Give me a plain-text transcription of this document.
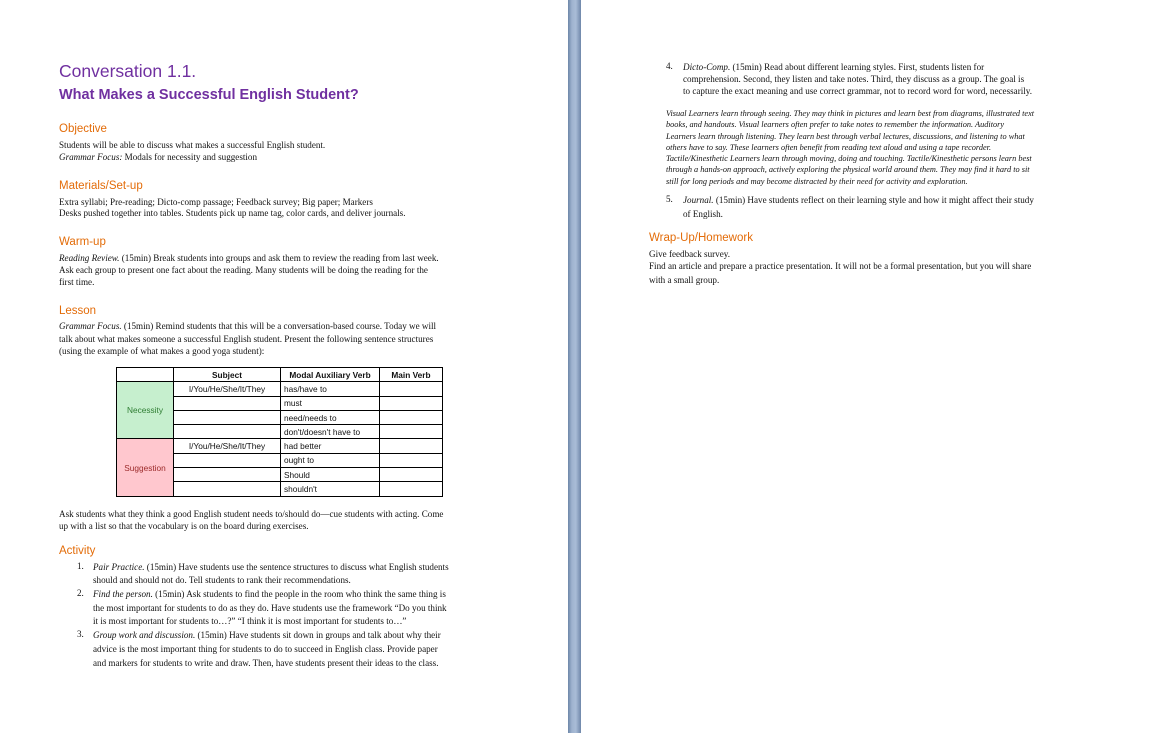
Conversation 1.1.
What Makes a Successful English Student?
Objective
Students will be able to discuss what makes a successful English student.
Grammar Focus: Modals for necessity and suggestion
Materials/Set-up
Extra syllabi; Pre-reading; Dicto-comp passage; Feedback survey; Big paper; Markers
Desks pushed together into tables. Students pick up name tag, color cards, and deliver journals.
Warm-up
Reading Review. (15min) Break students into groups and ask them to review the reading from last week.
Ask each group to present one fact about the reading. Many students will be doing the reading for the
first time.
Lesson
Grammar Focus. (15min) Remind students that this will be a conversation-based course. Today we will
talk about what makes someone a successful English student. Present the following sentence structures
(using the example of what makes a good yoga student):
	Subject	Modal Auxiliary Verb	Main Verb
Necessity	I/You/He/She/It/They	has/have to	
		must	
		need/needs to	
		don't/doesn't have to	
Suggestion	I/You/He/She/It/They	had better	
		ought to	
		Should	
		shouldn't	
Ask students what they think a good English student needs to/should do—cue students with acting. Come
up with a list so that the vocabulary is on the board during exercises.
Activity
1. Pair Practice. (15min) Have students use the sentence structures to discuss what English students
should and should not do. Tell students to rank their recommendations.
2. Find the person. (15min) Ask students to find the people in the room who think the same thing is
the most important for students to do as they do. Have students use the framework “Do you think
it is most important for students to…?” “I think it is most important for students to…”
3. Group work and discussion. (15min) Have students sit down in groups and talk about why their
advice is the most important thing for students to do to succeed in English class. Provide paper
and markers for students to write and draw. Then, have students present their ideas to the class.
4. Dicto-Comp. (15min) Read about different learning styles. First, students listen for
comprehension. Second, they listen and take notes. Third, they discuss as a group. The goal is
to capture the exact meaning and use correct grammar, not to record word for word, necessarily.
Visual Learners learn through seeing. They may think in pictures and learn best from diagrams, illustrated text
books, and handouts. Visual learners often prefer to take notes to remember the information. Auditory
Learners learn through listening. They learn best through verbal lectures, discussions, and listening to what
others have to say. These learners often benefit from reading text aloud and using a tape recorder.
Tactile/Kinesthetic Learners learn through moving, doing and touching. Tactile/Kinesthetic persons learn best
through a hands-on approach, actively exploring the physical world around them. They may find it hard to sit
still for long periods and may become distracted by their need for activity and exploration.
5. Journal. (15min) Have students reflect on their learning style and how it might affect their study
of English.
Wrap-Up/Homework
Give feedback survey.
Find an article and prepare a practice presentation. It will not be a formal presentation, but you will share
with a small group.
